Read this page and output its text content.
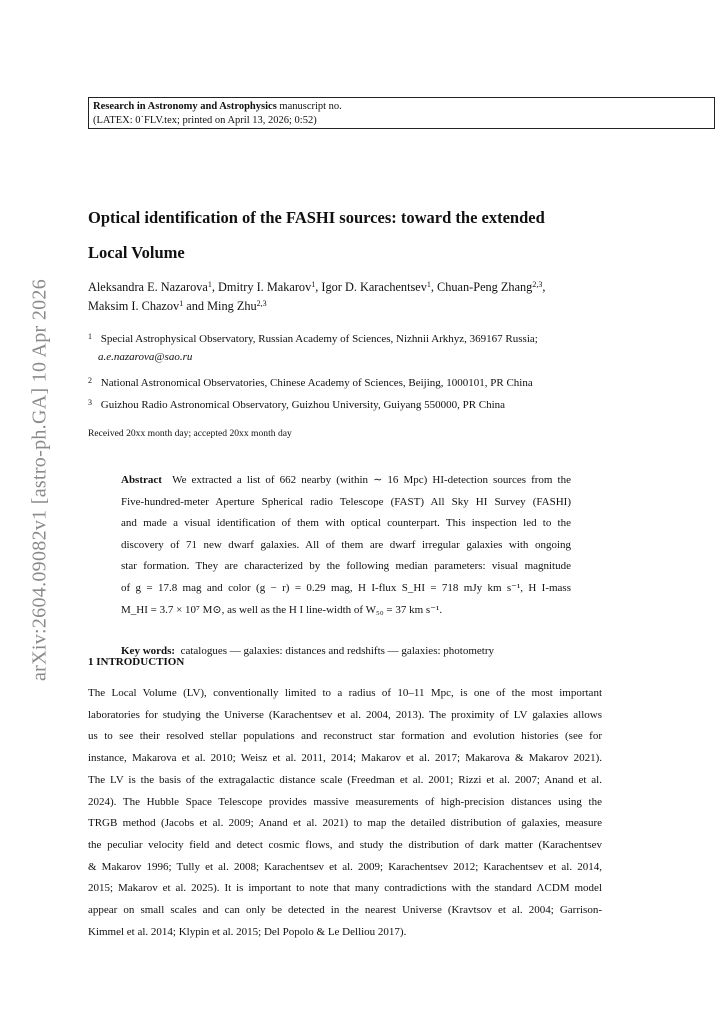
Research in Astronomy and Astrophysics manuscript no.
(LATEX: 0˙FLV.tex; printed on April 13, 2026; 0:52)
arXiv:2604.09082v1 [astro-ph.GA] 10 Apr 2026
Optical identification of the FASHI sources: toward the extended
Local Volume
Aleksandra E. Nazarova$^1$, Dmitry I. Makarov$^1$, Igor D. Karachentsev$^1$, Chuan-Peng Zhang$^{2,3}$,
Maksim I. Chazov$^1$ and Ming Zhu$^{2,3}$
1 Special Astrophysical Observatory, Russian Academy of Sciences, Nizhnii Arkhyz, 369167 Russia;
a.e.nazarova@sao.ru
2 National Astronomical Observatories, Chinese Academy of Sciences, Beijing, 1000101, PR China
3 Guizhou Radio Astronomical Observatory, Guizhou University, Guiyang 550000, PR China
Received 20xx month day; accepted 20xx month day
Abstract We extracted a list of 662 nearby (within ∼ 16 Mpc) HI-detection sources from the
Five-hundred-meter Aperture Spherical radio Telescope (FAST) All Sky HI Survey (FASHI)
and made a visual identification of them with optical counterpart. This inspection led to the
discovery of 71 new dwarf galaxies. All of them are dwarf irregular galaxies with ongoing
star formation. They are characterized by the following median parameters: visual magnitude
of g = 17.8 mag and color (g − r) = 0.29 mag, H I-flux S_HI = 718 mJy km s⁻¹, H I-mass
M_HI = 3.7 × 10⁷ M⊙, as well as the H I line-width of W₅₀ = 37 km s⁻¹.
Key words: catalogues — galaxies: distances and redshifts — galaxies: photometry
1 INTRODUCTION
The Local Volume (LV), conventionally limited to a radius of 10–11 Mpc, is one of the most important
laboratories for studying the Universe (Karachentsev et al. 2004, 2013). The proximity of LV galaxies allows
us to see their resolved stellar populations and reconstruct star formation and evolution histories (see for
instance, Makarova et al. 2010; Weisz et al. 2011, 2014; Makarov et al. 2017; Makarova & Makarov 2021).
The LV is the basis of the extragalactic distance scale (Freedman et al. 2001; Rizzi et al. 2007; Anand et al.
2024). The Hubble Space Telescope provides massive measurements of high-precision distances using the
TRGB method (Jacobs et al. 2009; Anand et al. 2021) to map the detailed distribution of galaxies, measure
the peculiar velocity field and detect cosmic flows, and study the distribution of dark matter (Karachentsev
& Makarov 1996; Tully et al. 2008; Karachentsev et al. 2009; Karachentsev 2012; Karachentsev et al. 2014,
2015; Makarov et al. 2025). It is important to note that many contradictions with the standard ΛCDM model
appear on small scales and can only be detected in the nearest Universe (Kravtsov et al. 2004; Garrison-
Kimmel et al. 2014; Klypin et al. 2015; Del Popolo & Le Delliou 2017).
